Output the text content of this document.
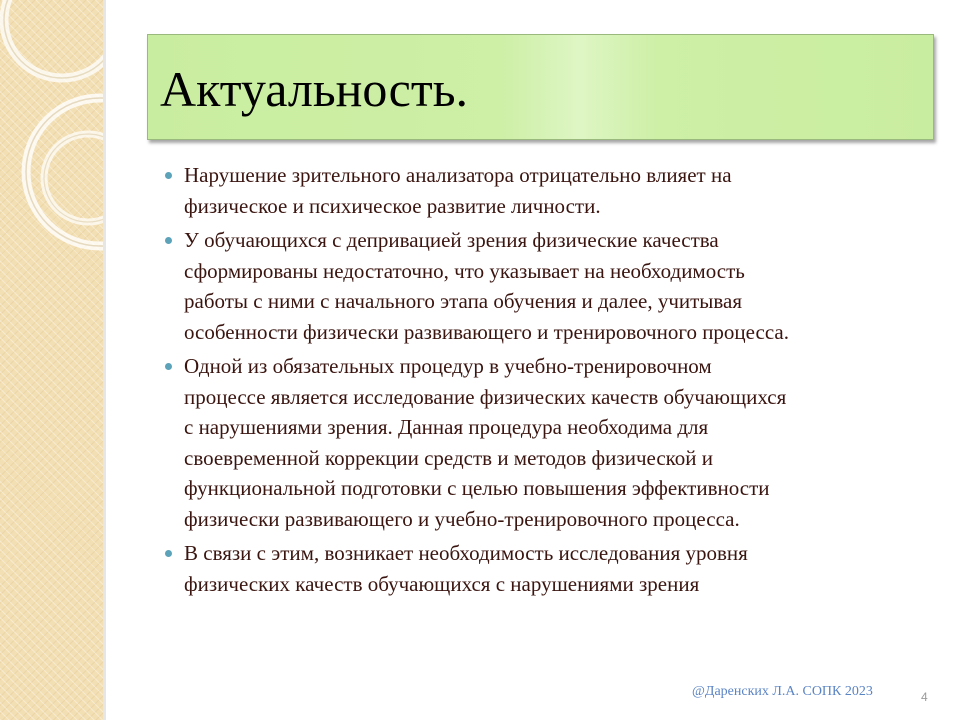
Актуальность.
Нарушение зрительного анализатора отрицательно влияет на
физическое и психическое развитие личности.
У обучающихся с депривацией зрения физические качества
сформированы недостаточно, что указывает на необходимость
работы с ними с начального этапа обучения и далее, учитывая
особенности физически развивающего и тренировочного процесса.
Одной из обязательных процедур в учебно-тренировочном
процессе является исследование физических качеств обучающихся
с нарушениями зрения. Данная процедура необходима для
своевременной коррекции средств и методов физической и
функциональной подготовки с целью повышения эффективности
физически развивающего и учебно-тренировочного процесса.
В связи с этим, возникает необходимость исследования уровня
физических качеств обучающихся с нарушениями зрения
@Даренских Л.А. СОПК 2023	4
